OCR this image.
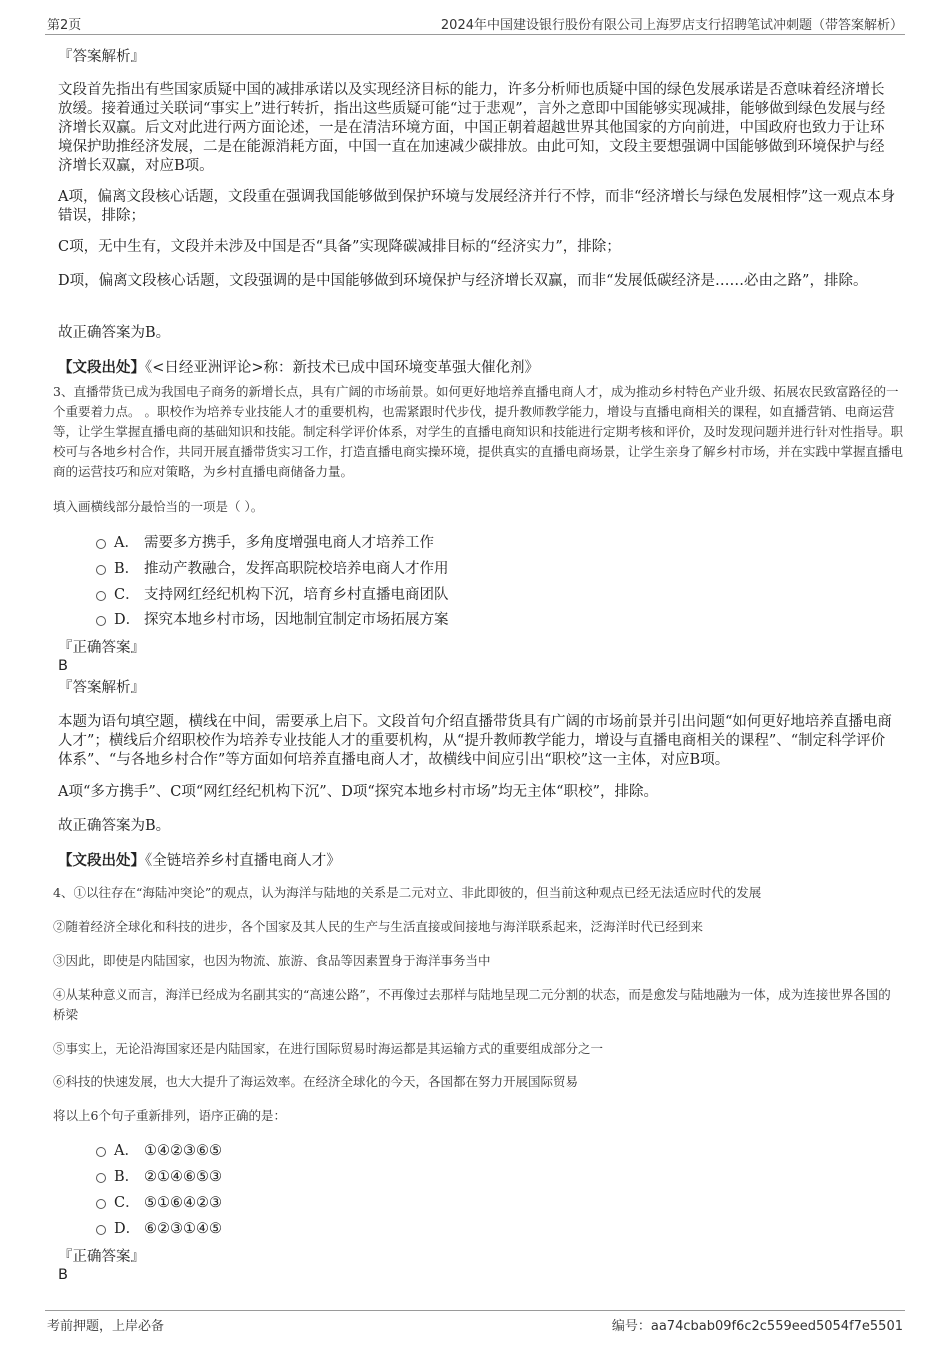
第2页	2024年中国建设银行股份有限公司上海罗店支行招聘笔试冲刺题（带答案解析）
『答案解析』
文段首先指出有些国家质疑中国的减排承诺以及实现经济目标的能力，许多分析师也质疑中国的绿色发展承诺是否意味着经济增长放缓。接着通过关联词“事实上”进行转折，指出这些质疑可能“过于悲观”，言外之意即中国能够实现减排，能够做到绿色发展与经济增长双赢。后文对此进行两方面论述，一是在清洁环境方面，中国正朝着超越世界其他国家的方向前进，中国政府也致力于让环境保护助推经济发展，二是在能源消耗方面，中国一直在加速减少碳排放。由此可知，文段主要想强调中国能够做到环境保护与经济增长双赢，对应B项。
A项，偏离文段核心话题，文段重在强调我国能够做到保护环境与发展经济并行不悖，而非“经济增长与绿色发展相悖”这一观点本身错误，排除；
C项，无中生有，文段并未涉及中国是否“具备”实现降碳减排目标的“经济实力”，排除；
D项，偏离文段核心话题，文段强调的是中国能够做到环境保护与经济增长双赢，而非“发展低碳经济是……必由之路”，排除。
故正确答案为B。
【文段出处】《<日经亚洲评论>称：新技术已成中国环境变革强大催化剂》
3、直播带货已成为我国电子商务的新增长点，具有广阔的市场前景。如何更好地培养直播电商人才，成为推动乡村特色产业升级、拓展农民致富路径的一个重要着力点。 。职校作为培养专业技能人才的重要机构，也需紧跟时代步伐，提升教师教学能力，增设与直播电商相关的课程，如直播营销、电商运营等，让学生掌握直播电商的基础知识和技能。制定科学评价体系，对学生的直播电商知识和技能进行定期考核和评价，及时发现问题并进行针对性指导。职校可与各地乡村合作，共同开展直播带货实习工作，打造直播电商实操环境，提供真实的直播电商场景，让学生亲身了解乡村市场，并在实践中掌握直播电商的运营技巧和应对策略，为乡村直播电商储备力量。
填入画横线部分最恰当的一项是（ ）。
A． 需要多方携手，多角度增强电商人才培养工作
B． 推动产教融合，发挥高职院校培养电商人才作用
C． 支持网红经纪机构下沉，培育乡村直播电商团队
D． 探究本地乡村市场，因地制宜制定市场拓展方案
『正确答案』
B
『答案解析』
本题为语句填空题，横线在中间，需要承上启下。文段首句介绍直播带货具有广阔的市场前景并引出问题“如何更好地培养直播电商人才”；横线后介绍职校作为培养专业技能人才的重要机构，从“提升教师教学能力，增设与直播电商相关的课程”、“制定科学评价体系”、“与各地乡村合作”等方面如何培养直播电商人才，故横线中间应引出“职校”这一主体，对应B项。
A项“多方携手”、C项“网红经纪机构下沉”、D项“探究本地乡村市场”均无主体“职校”，排除。
故正确答案为B。
【文段出处】《全链培养乡村直播电商人才》
4、①以往存在“海陆冲突论”的观点，认为海洋与陆地的关系是二元对立、非此即彼的，但当前这种观点已经无法适应时代的发展
②随着经济全球化和科技的进步，各个国家及其人民的生产与生活直接或间接地与海洋联系起来，泛海洋时代已经到来
③因此，即使是内陆国家，也因为物流、旅游、食品等因素置身于海洋事务当中
④从某种意义而言，海洋已经成为名副其实的“高速公路”，不再像过去那样与陆地呈现二元分割的状态，而是愈发与陆地融为一体，成为连接世界各国的桥梁
⑤事实上，无论沿海国家还是内陆国家，在进行国际贸易时海运都是其运输方式的重要组成部分之一
⑥科技的快速发展，也大大提升了海运效率。在经济全球化的今天，各国都在努力开展国际贸易
将以上6个句子重新排列，语序正确的是：
A． ①④②③⑥⑤
B． ②①④⑥⑤③
C． ⑤①⑥④②③
D． ⑥②③①④⑤
『正确答案』
B
考前押题，上岸必备	编号：aa74cbab09f6c2c559eed5054f7e5501
